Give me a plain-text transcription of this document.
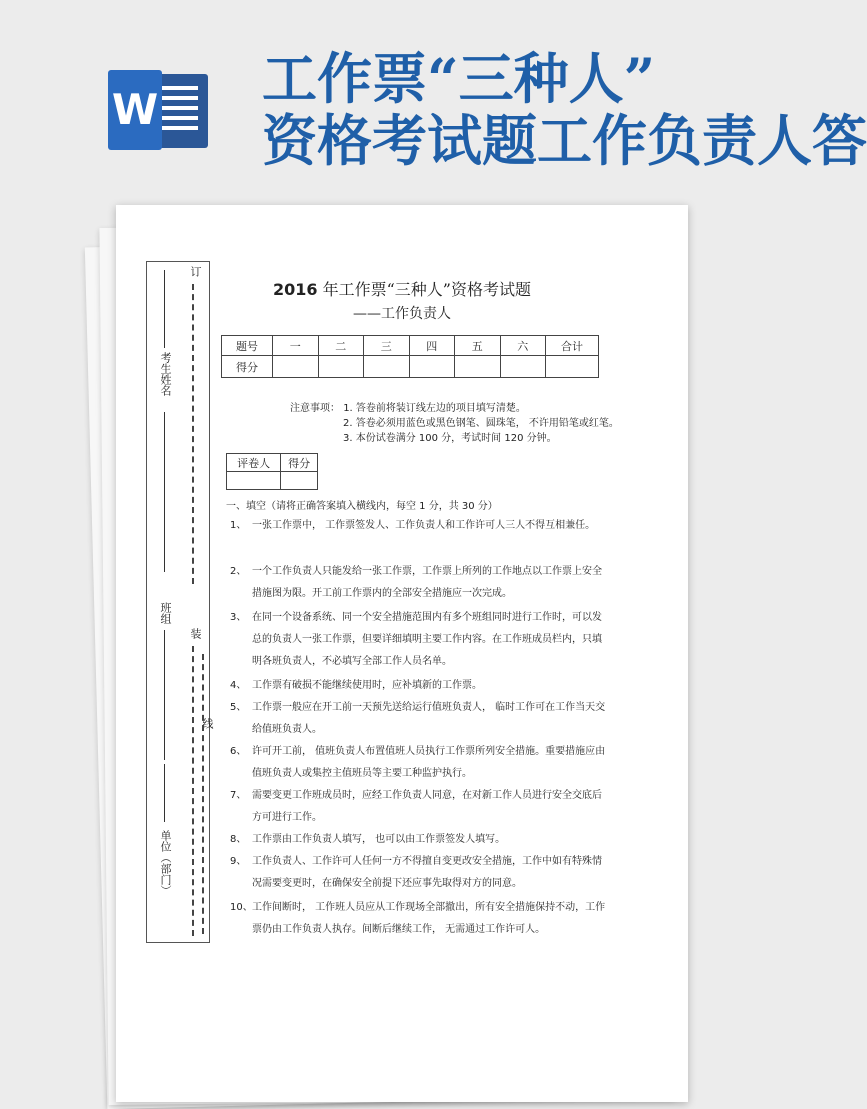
W 工作票“三种人”
资格考试题工作负责人答
考生姓名
班组
单位（部门）
订
装
线
2016 年工作票“三种人”资格考试题
——工作负责人
题号	一	二	三	四	五	六	合计
得分							
注意事项： 1. 答卷前将装订线左边的项目填写清楚。
2. 答卷必须用蓝色或黑色钢笔、圆珠笔， 不许用铅笔或红笔。
3. 本份试卷满分 100 分，考试时间 120 分钟。
评卷人	得分

一、填空（请将正确答案填入横线内，每空 1 分，共 30 分）
1、 一张工作票中， 工作票签发人、工作负责人和工作许可人三人不得互相兼任。
2、 一个工作负责人只能发给一张工作票，工作票上所列的工作地点以工作票上安全措施图为限。开工前工作票内的全部安全措施应一次完成。
3、 在同一个设备系统、同一个安全措施范围内有多个班组同时进行工作时，可以发总的负责人一张工作票，但要详细填明主要工作内容。在工作班成员栏内，只填明各班负责人，不必填写全部工作人员名单。
4、 工作票有破损不能继续使用时，应补填新的工作票。
5、 工作票一般应在开工前一天预先送给运行值班负责人， 临时工作可在工作当天交给值班负责人。
6、 许可开工前， 值班负责人布置值班人员执行工作票所列安全措施。重要措施应由值班负责人或集控主值班员等主要工种监护执行。
7、 需要变更工作班成员时，应经工作负责人同意，在对新工作人员进行安全交底后方可进行工作。
8、 工作票由工作负责人填写， 也可以由工作票签发人填写。
9、 工作负责人、工作许可人任何一方不得擅自变更改安全措施，工作中如有特殊情况需要变更时，在确保安全前提下还应事先取得对方的同意。
10、 工作间断时， 工作班人员应从工作现场全部撤出，所有安全措施保持不动，工作票仍由工作负责人执存。间断后继续工作， 无需通过工作许可人。
